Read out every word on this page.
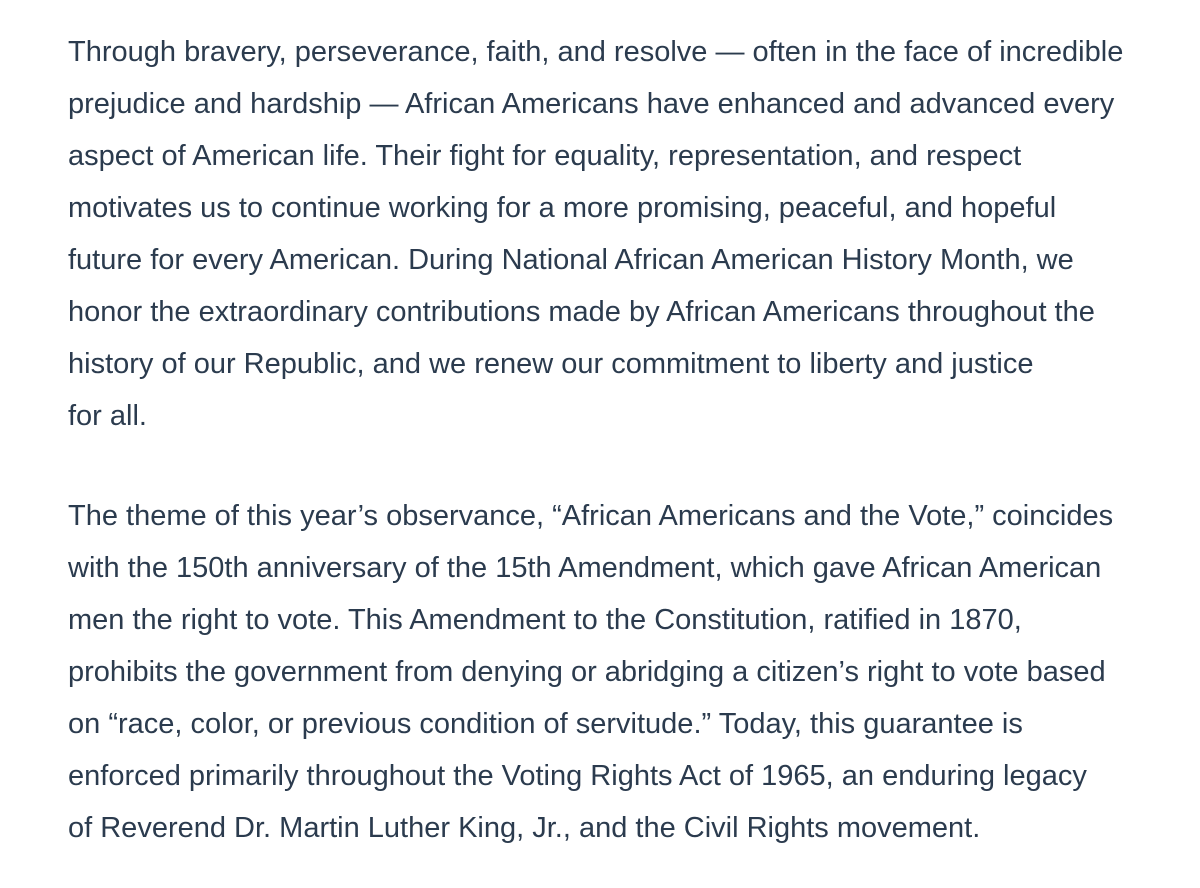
Through bravery, perseverance, faith, and resolve — often in the face of incredible
prejudice and hardship — African Americans have enhanced and advanced every
aspect of American life. Their fight for equality, representation, and respect
motivates us to continue working for a more promising, peaceful, and hopeful
future for every American. During National African American History Month, we
honor the extraordinary contributions made by African Americans throughout the
history of our Republic, and we renew our commitment to liberty and justice
for all.

The theme of this year’s observance, “African Americans and the Vote,” coincides
with the 150th anniversary of the 15th Amendment, which gave African American
men the right to vote. This Amendment to the Constitution, ratified in 1870,
prohibits the government from denying or abridging a citizen’s right to vote based
on “race, color, or previous condition of servitude.” Today, this guarantee is
enforced primarily throughout the Voting Rights Act of 1965, an enduring legacy
of Reverend Dr. Martin Luther King, Jr., and the Civil Rights movement.
